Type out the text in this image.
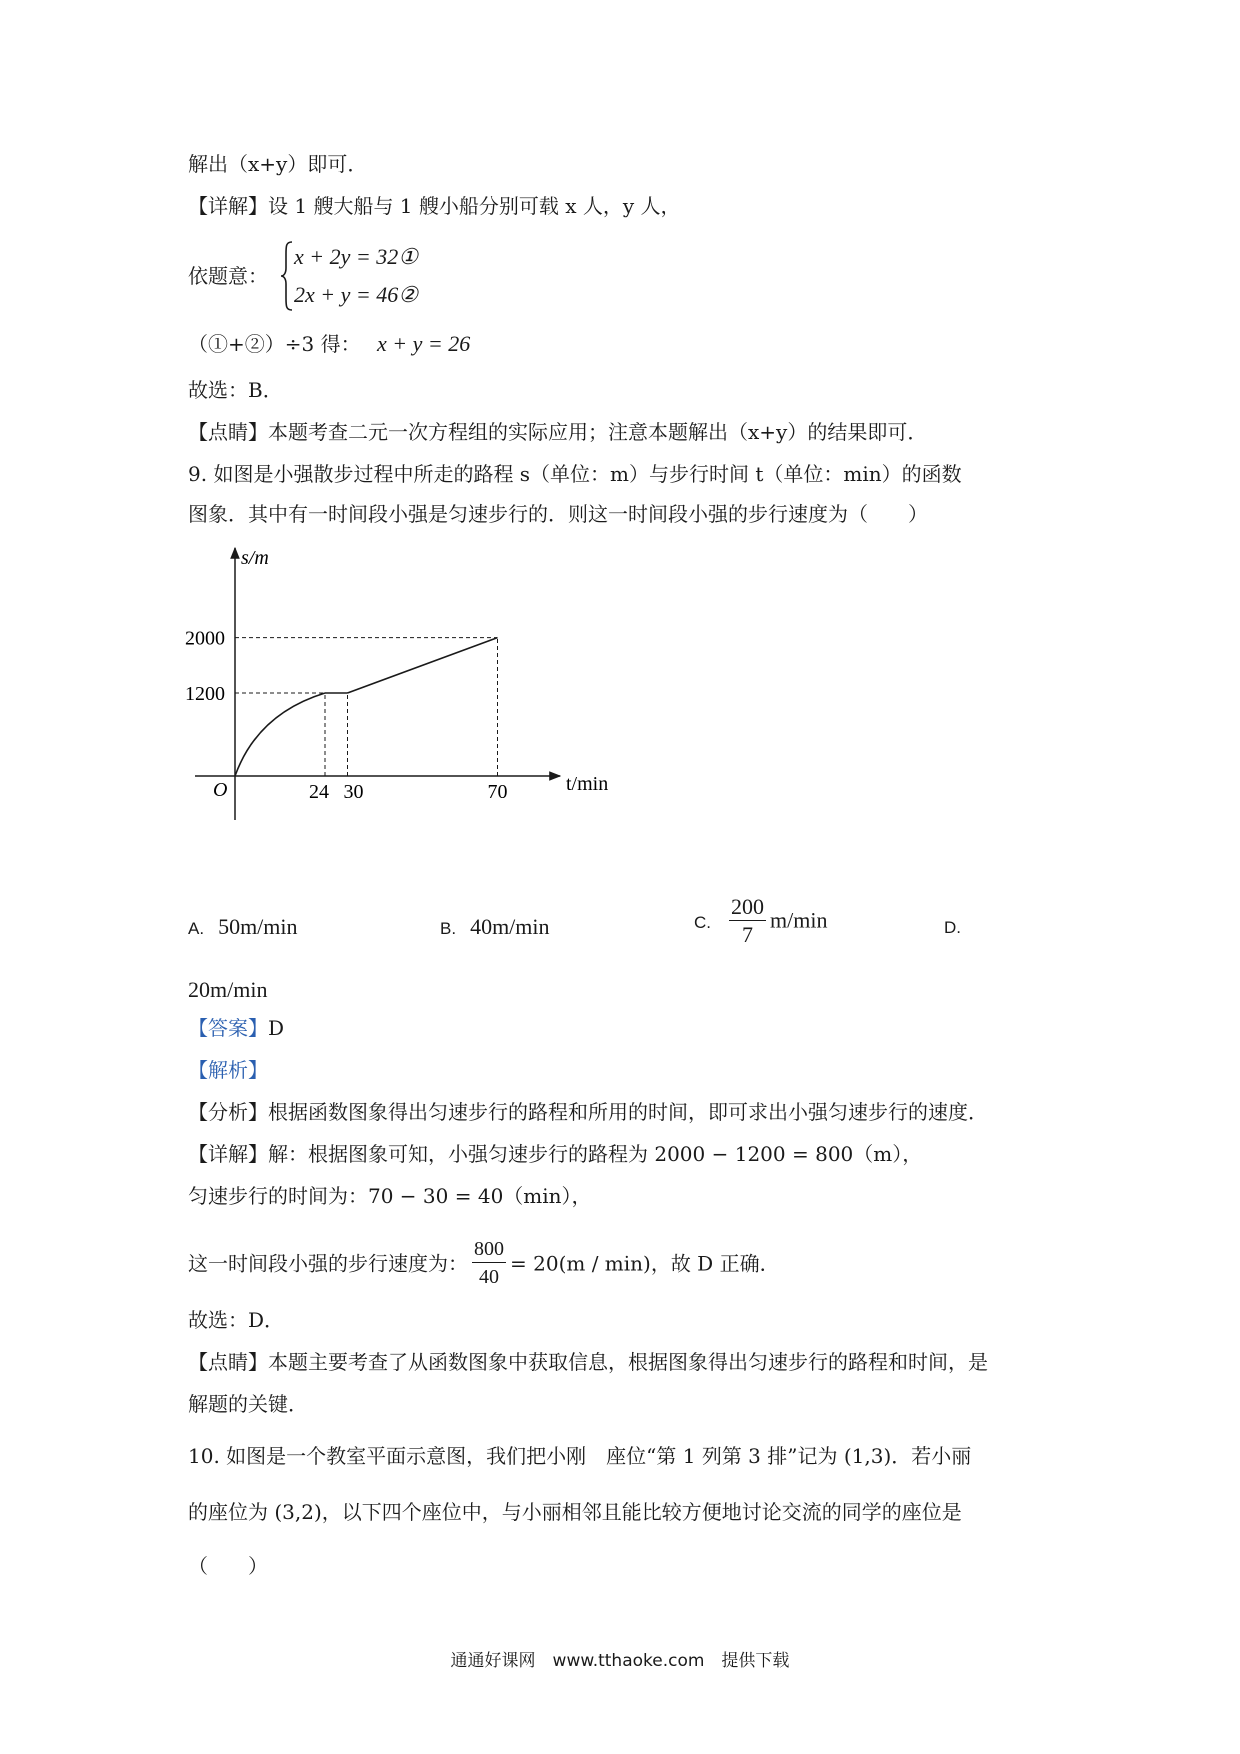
解出（x+y）即可．
【详解】设 1 艘大船与 1 艘小船分别可载 x 人，y 人，
依题意：
x + 2y = 32①
2x + y = 46②
（①+②）÷3 得： x + y = 26
故选：B．
【点睛】本题考查二元一次方程组的实际应用；注意本题解出（x+y）的结果即可．
9. 如图是小强散步过程中所走的路程 s（单位：m）与步行时间 t（单位：min）的函数
图象．其中有一时间段小强是匀速步行的．则这一时间段小强的步行速度为（　　）
s/m
t/min
O
1200
2000
24 30	70
A. 50m/min	B. 40m/min	C. $\frac{200}{7} m/\min$	D.
20m/min
【答案】D
【解析】
【分析】根据函数图象得出匀速步行的路程和所用的时间，即可求出小强匀速步行的速度．
【详解】解：根据图象可知，小强匀速步行的路程为 2000 − 1200 = 800（m），
匀速步行的时间为：70 − 30 = 40（min），
这一时间段小强的步行速度为： $\frac{800}{40} = 20(m / \min)$，故 D 正确．
故选：D．
【点睛】本题主要考查了从函数图象中获取信息，根据图象得出匀速步行的路程和时间，是
解题的关键．
10. 如图是一个教室平面示意图，我们把小刚　座位“第 1 列第 3 排”记为 (1,3)．若小丽
的座位为 (3,2)，以下四个座位中，与小丽相邻且能比较方便地讨论交流的同学的座位是
（　　）
通通好课网　www.tthaoke.com　提供下载
